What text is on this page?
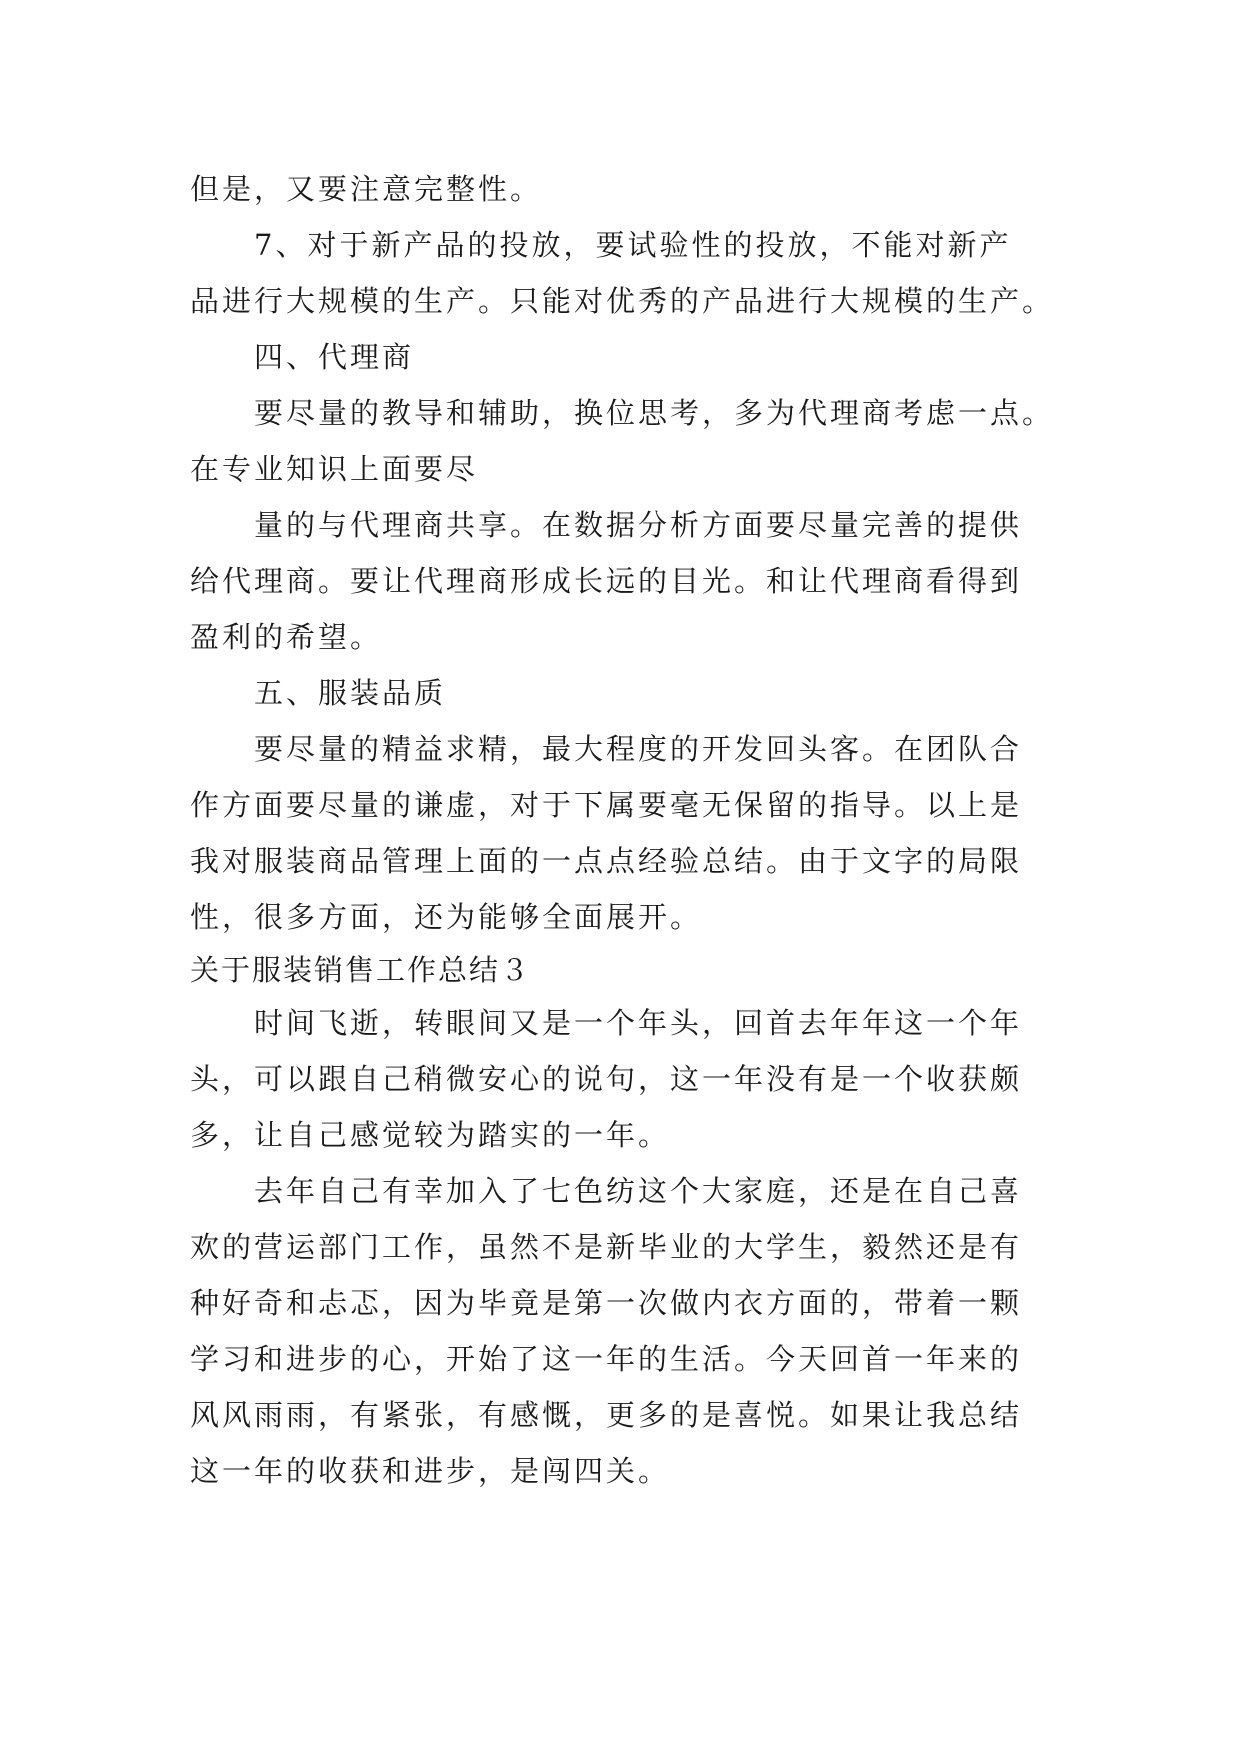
但是，又要注意完整性。
7、对于新产品的投放，要试验性的投放，不能对新产
品进行大规模的生产。只能对优秀的产品进行大规模的生产。
四、代理商
要尽量的教导和辅助，换位思考，多为代理商考虑一点。
在专业知识上面要尽
量的与代理商共享。在数据分析方面要尽量完善的提供
给代理商。要让代理商形成长远的目光。和让代理商看得到
盈利的希望。
五、服装品质
要尽量的精益求精，最大程度的开发回头客。在团队合
作方面要尽量的谦虚，对于下属要毫无保留的指导。以上是
我对服装商品管理上面的一点点经验总结。由于文字的局限
性，很多方面，还为能够全面展开。
关于服装销售工作总结３
时间飞逝，转眼间又是一个年头，回首去年年这一个年
头，可以跟自己稍微安心的说句，这一年没有是一个收获颇
多，让自己感觉较为踏实的一年。
去年自己有幸加入了七色纺这个大家庭，还是在自己喜
欢的营运部门工作，虽然不是新毕业的大学生，毅然还是有
种好奇和忐忑，因为毕竟是第一次做内衣方面的，带着一颗
学习和进步的心，开始了这一年的生活。今天回首一年来的
风风雨雨，有紧张，有感慨，更多的是喜悦。如果让我总结
这一年的收获和进步，是闯四关。
